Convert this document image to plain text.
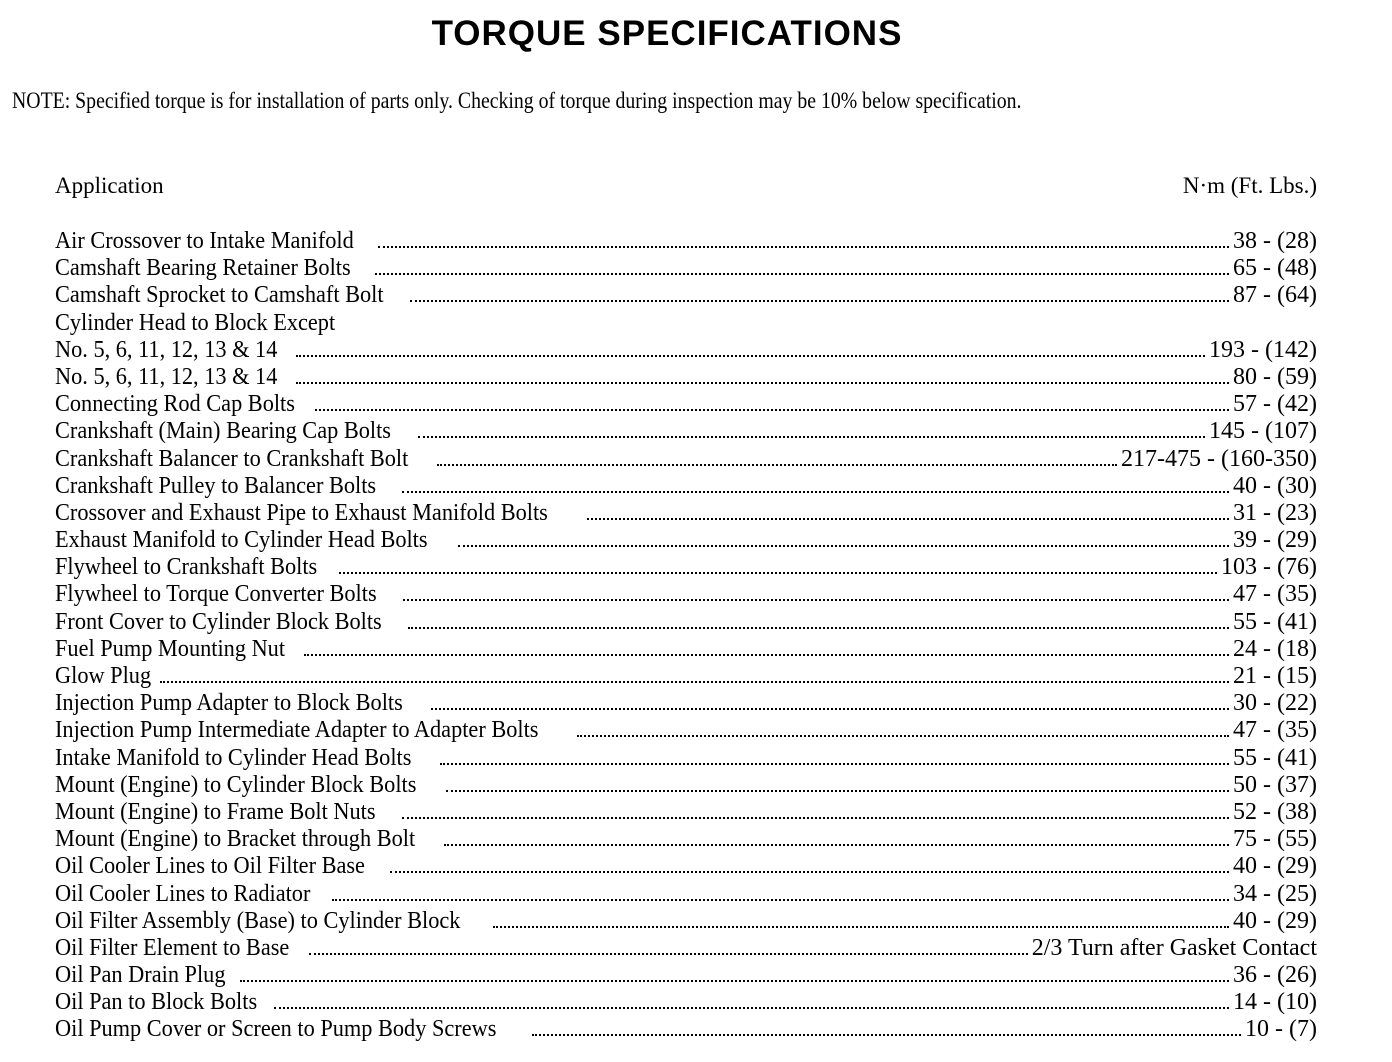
TORQUE SPECIFICATIONS
NOTE: Specified torque is for installation of parts only. Checking of torque during inspection may be 10% below specification.
Application	N·m (Ft. Lbs.)
Air Crossover to Intake Manifold	38 - (28)
Camshaft Bearing Retainer Bolts	65 - (48)
Camshaft Sprocket to Camshaft Bolt	87 - (64)
Cylinder Head to Block Except
No. 5, 6, 11, 12, 13 & 14	193 - (142)
No. 5, 6, 11, 12, 13 & 14	80 - (59)
Connecting Rod Cap Bolts	57 - (42)
Crankshaft (Main) Bearing Cap Bolts	145 - (107)
Crankshaft Balancer to Crankshaft Bolt	217-475 - (160-350)
Crankshaft Pulley to Balancer Bolts	40 - (30)
Crossover and Exhaust Pipe to Exhaust Manifold Bolts	31 - (23)
Exhaust Manifold to Cylinder Head Bolts	39 - (29)
Flywheel to Crankshaft Bolts	103 - (76)
Flywheel to Torque Converter Bolts	47 - (35)
Front Cover to Cylinder Block Bolts	55 - (41)
Fuel Pump Mounting Nut	24 - (18)
Glow Plug	21 - (15)
Injection Pump Adapter to Block Bolts	30 - (22)
Injection Pump Intermediate Adapter to Adapter Bolts	47 - (35)
Intake Manifold to Cylinder Head Bolts	55 - (41)
Mount (Engine) to Cylinder Block Bolts	50 - (37)
Mount (Engine) to Frame Bolt Nuts	52 - (38)
Mount (Engine) to Bracket through Bolt	75 - (55)
Oil Cooler Lines to Oil Filter Base	40 - (29)
Oil Cooler Lines to Radiator	34 - (25)
Oil Filter Assembly (Base) to Cylinder Block	40 - (29)
Oil Filter Element to Base	2/3 Turn after Gasket Contact
Oil Pan Drain Plug	36 - (26)
Oil Pan to Block Bolts	14 - (10)
Oil Pump Cover or Screen to Pump Body Screws	10 - (7)
